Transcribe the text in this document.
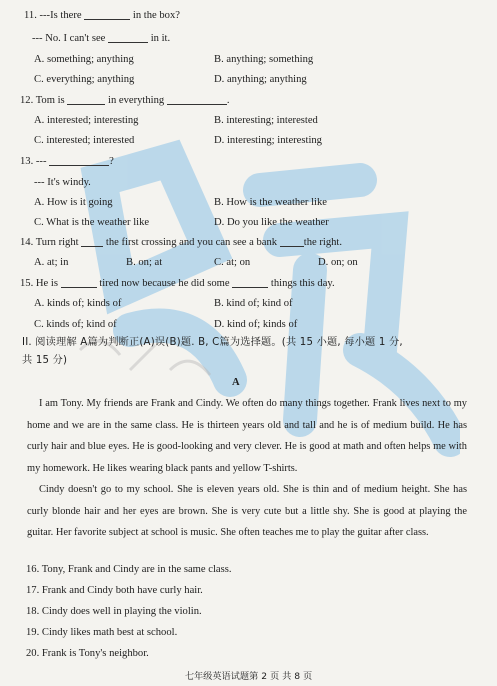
11. ---Is there	in the box?
--- No. I can't see	in it.
A. something; anything	B. anything; something
C. everything; anything	D. anything; anything
12. Tom is	in everything	.
A. interested; interesting	B. interesting; interested
C. interested; interested	D. interesting; interesting
13. ---	?
--- It's windy.
A. How is it going	B. How is the weather like
C. What is the weather like	D. Do you like the weather
14. Turn right	the first crossing and you can see a bank	the right.
A. at; in	B. on; at	C. at; on	D. on; on
15. He is	tired now because he did some	things this day.
A. kinds of; kinds of	B. kind of; kind of
C. kinds of; kind of	D. kind of; kinds of
II. 阅读理解 A篇为判断正(A)误(B)题. B, C篇为选择题。(共 15 小题, 每小题 1 分,
共 15 分)
A
I am Tony. My friends are Frank and Cindy. We often do many things together. Frank lives next to my home and we are in the same class. He is thirteen years old and tall and he is of medium build. He has curly hair and blue eyes. He is good-looking and very clever. He is good at math and often helps me with my homework. He likes wearing black pants and yellow T-shirts.
Cindy doesn't go to my school. She is eleven years old. She is thin and of medium height. She has curly blonde hair and her eyes are brown. She is very cute but a little shy. She is good at playing the guitar. Her favorite subject at school is music. She often teaches me to play the guitar after class.
16. Tony, Frank and Cindy are in the same class.
17. Frank and Cindy both have curly hair.
18. Cindy does well in playing the violin.
19. Cindy likes math best at school.
20. Frank is Tony's neighbor.
七年级英语试题第 2 页 共 8 页
